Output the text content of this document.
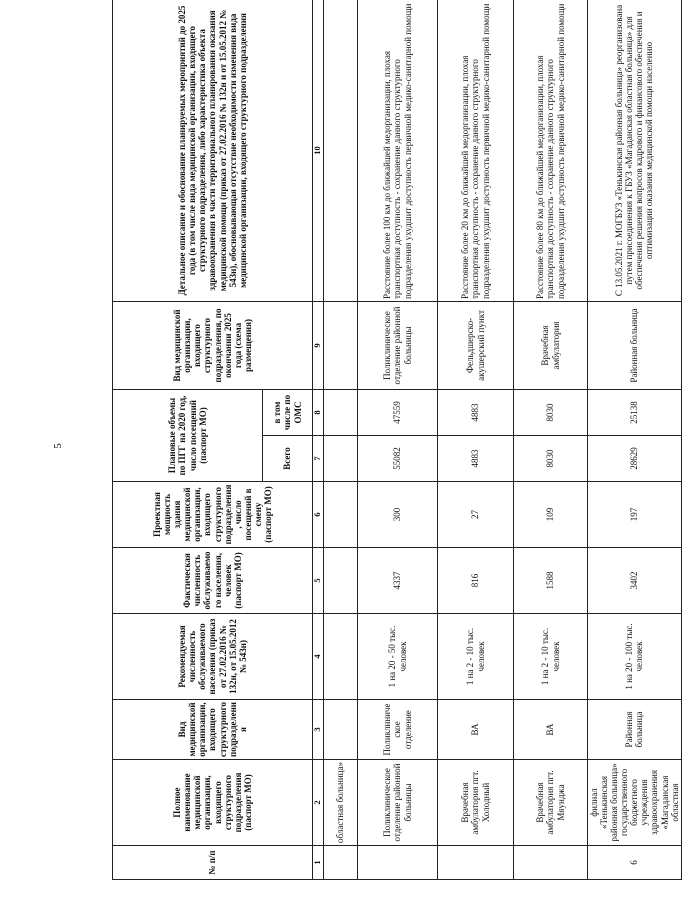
5
№ п/п	Полное наименование медицинской организации, входящего структурного подразделения (паспорт МО)	Вид медицинской организации, входящего структурного подразделения	Рекомендуемая численность обслуживаемого населения (приказ от 27.02.2016 № 132н, от 15.05.2012 № 543н)	Фактическая численность обслуживаемого населения, человек (паспорт МО)	Проектная мощность здания медицинской организации, входящего структурного подразделения, число посещений в смену (паспорт МО)	Плановые объемы по ПГГ на 2020 год, число посещений (паспорт МО)		Вид медицинской организации, входящего структурного подразделения, по окончании 2025 года (схема размещения)	Детальное описание и обоснование планируемых мероприятий до 2025 года (в том числе вида медицинской организации, входящего структурного подразделения, либо характеристика объекта здравоохранения в части территориального планирования оказания медицинской помощи (приказ от 27.02.2016 № 132н и от 15.05.2012 № 543н), обосновывающая отсутствие необходимости изменения вида медицинской организации, входящего структурного подразделения
						Всего	в том числе по ОМС		
1	2	3	4	5	6	7	8	9	10
	областная больница»								
	Поликлиническое отделение районной больницы	Поликлиническое отделение	1 на 20 - 50 тыс. человек	4337	300	55082	47559	Поликлиническое отделение районной больницы	Расстояние более 100 км до ближайшей медорганизации, плохая транспортная доступность - сохранение данного структурного подразделения ухудшит доступность первичной медико-санитарной помощи
	Врачебная амбулатория пгт. Холодный	ВА	1 на 2 - 10 тыс. человек	816	27	4883	4883	Фельдшерско-акушерский пункт	Расстояние более 20 км до ближайшей медорганизации, плохая транспортная доступность - сохранение данного структурного подразделения ухудшит доступность первичной медико-санитарной помощи
	Врачебная амбулатория пгт. Мяунджа	ВА	1 на 2 - 10 тыс. человек	1588	109	8030	8030	Врачебная амбулатория	Расстояние более 80 км до ближайшей медорганизации, плохая транспортная доступность - сохранение данного структурного подразделения ухудшит доступность первичной медико-санитарной помощи
6	филиал «Тенькинская районная больница» государственного бюджетного учреждения здравоохранения «Магаданская областная	Районная больница	1 на 20 - 100 тыс. человек	3402	197	28629	25138	Районная больница	С 13.05.2021 г. МОГБУЗ «Тенькинская районная больница» реорганизована путем присоединения к ГБУЗ «Магаданская областная больница» для обеспечения решения вопросов кадрового и финансового обеспечения и оптимизации оказания медицинской помощи населению
